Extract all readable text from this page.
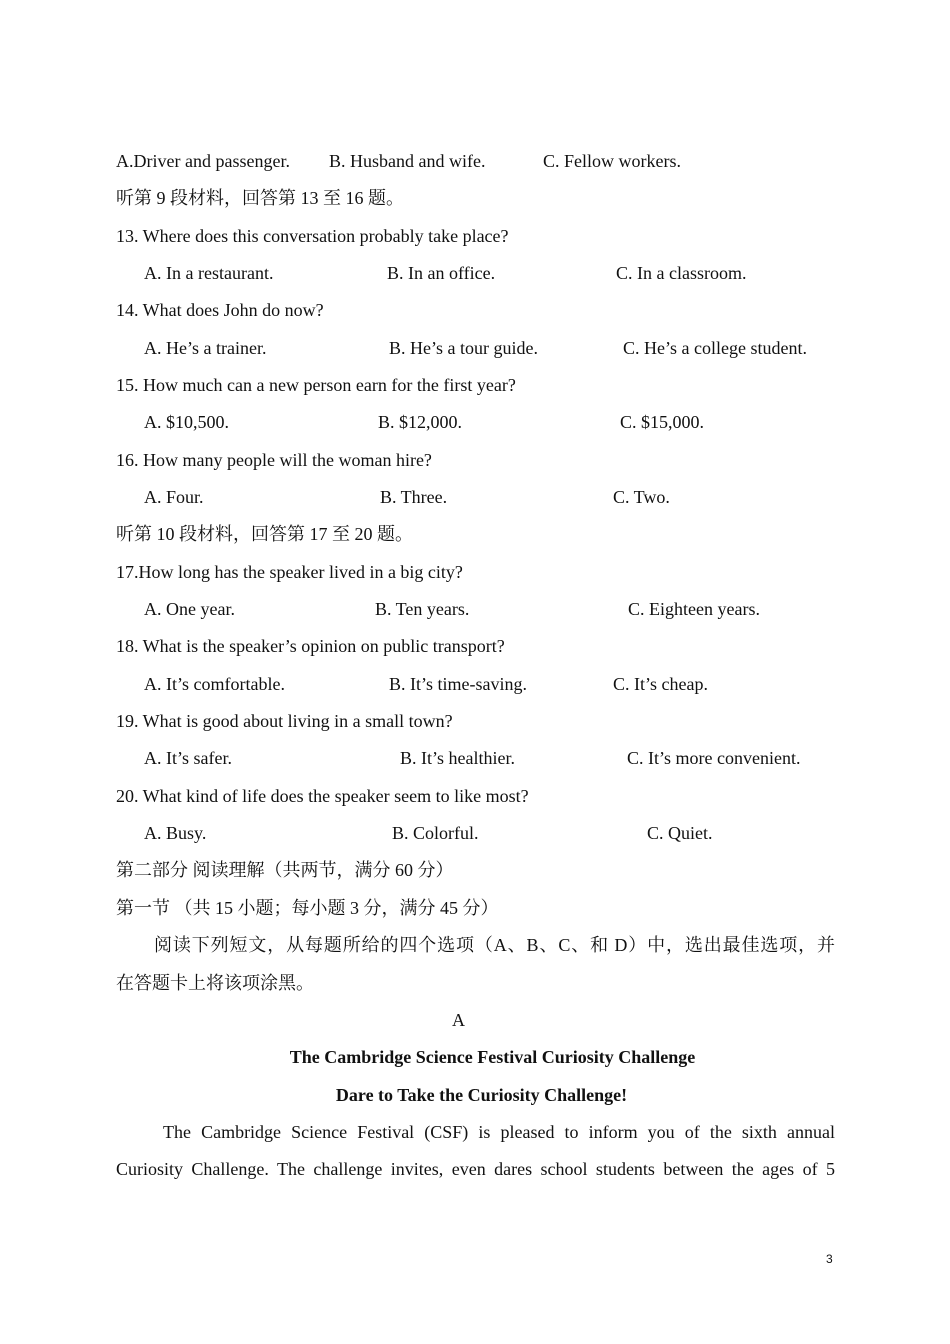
A.Driver and passenger. B. Husband and wife.	C. Fellow workers.
听第 9 段材料，回答第 13 至 16 题。
13. Where does this conversation probably take place?
A. In a restaurant.	B. In an office.	C. In a classroom.
14. What does John do now?
A. He’s a trainer.	B. He’s a tour guide.	C. He’s a college student.
15. How much can a new person earn for the first year?
A. $10,500.	B. $12,000.	C. $15,000.
16. How many people will the woman hire?
A. Four.	B. Three.	C. Two.
听第 10 段材料，回答第 17 至 20 题。
17.How long has the speaker lived in a big city?
A. One year.	B. Ten years.	C. Eighteen years.
18. What is the speaker’s opinion on public transport?
A. It’s comfortable.	B. It’s time-saving.	C. It’s cheap.
19. What is good about living in a small town?
A. It’s safer.	B. It’s healthier.	C. It’s more convenient.
20. What kind of life does the speaker seem to like most?
A. Busy.	B. Colorful.	C. Quiet.
第二部分 阅读理解（共两节，满分 60 分）
第一节 （共 15 小题；每小题 3 分，满分 45 分）
阅读下列短文，从每题所给的四个选项（A、B、C、和 D）中，选出最佳选项，并
在答题卡上将该项涂黑。
A
The Cambridge Science Festival Curiosity Challenge
Dare to Take the Curiosity Challenge!
The Cambridge Science Festival (CSF) is pleased to inform you of the sixth annual
Curiosity Challenge. The challenge invites, even dares school students between the ages of 5
3
